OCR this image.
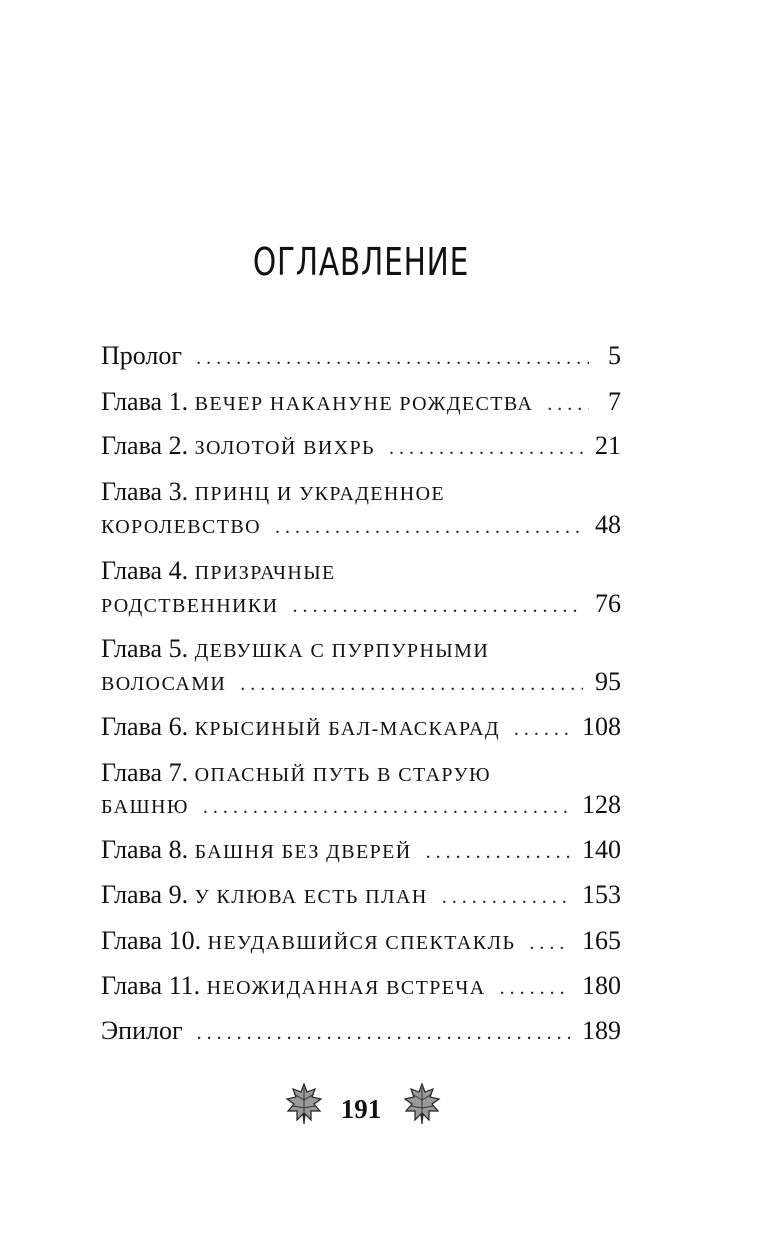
ОГЛАВЛЕНИЕ
Пролог . . .	5
Глава 1. ВЕЧЕР НАКАНУНЕ РОЖДЕСТВА . . .	7
Глава 2. ЗОЛОТОЙ ВИХРЬ . . .	21
Глава 3. ПРИНЦ И УКРАДЕННОЕ
КОРОЛЕВСТВО . . .	48
Глава 4. ПРИЗРАЧНЫЕ
РОДСТВЕННИКИ . . .	76
Глава 5. ДЕВУШКА С ПУРПУРНЫМИ
ВОЛОСАМИ . . .	95
Глава 6. КРЫСИНЫЙ БАЛ-МАСКАРАД . . .	108
Глава 7. ОПАСНЫЙ ПУТЬ В СТАРУЮ
БАШНЮ . . .	128
Глава 8. БАШНЯ БЕЗ ДВЕРЕЙ . . .	140
Глава 9. У КЛЮВА ЕСТЬ ПЛАН . . .	153
Глава 10. НЕУДАВШИЙСЯ СПЕКТАКЛЬ . . .	165
Глава 11. НЕОЖИДАННАЯ ВСТРЕЧА . . .	180
Эпилог . . .	189
191
